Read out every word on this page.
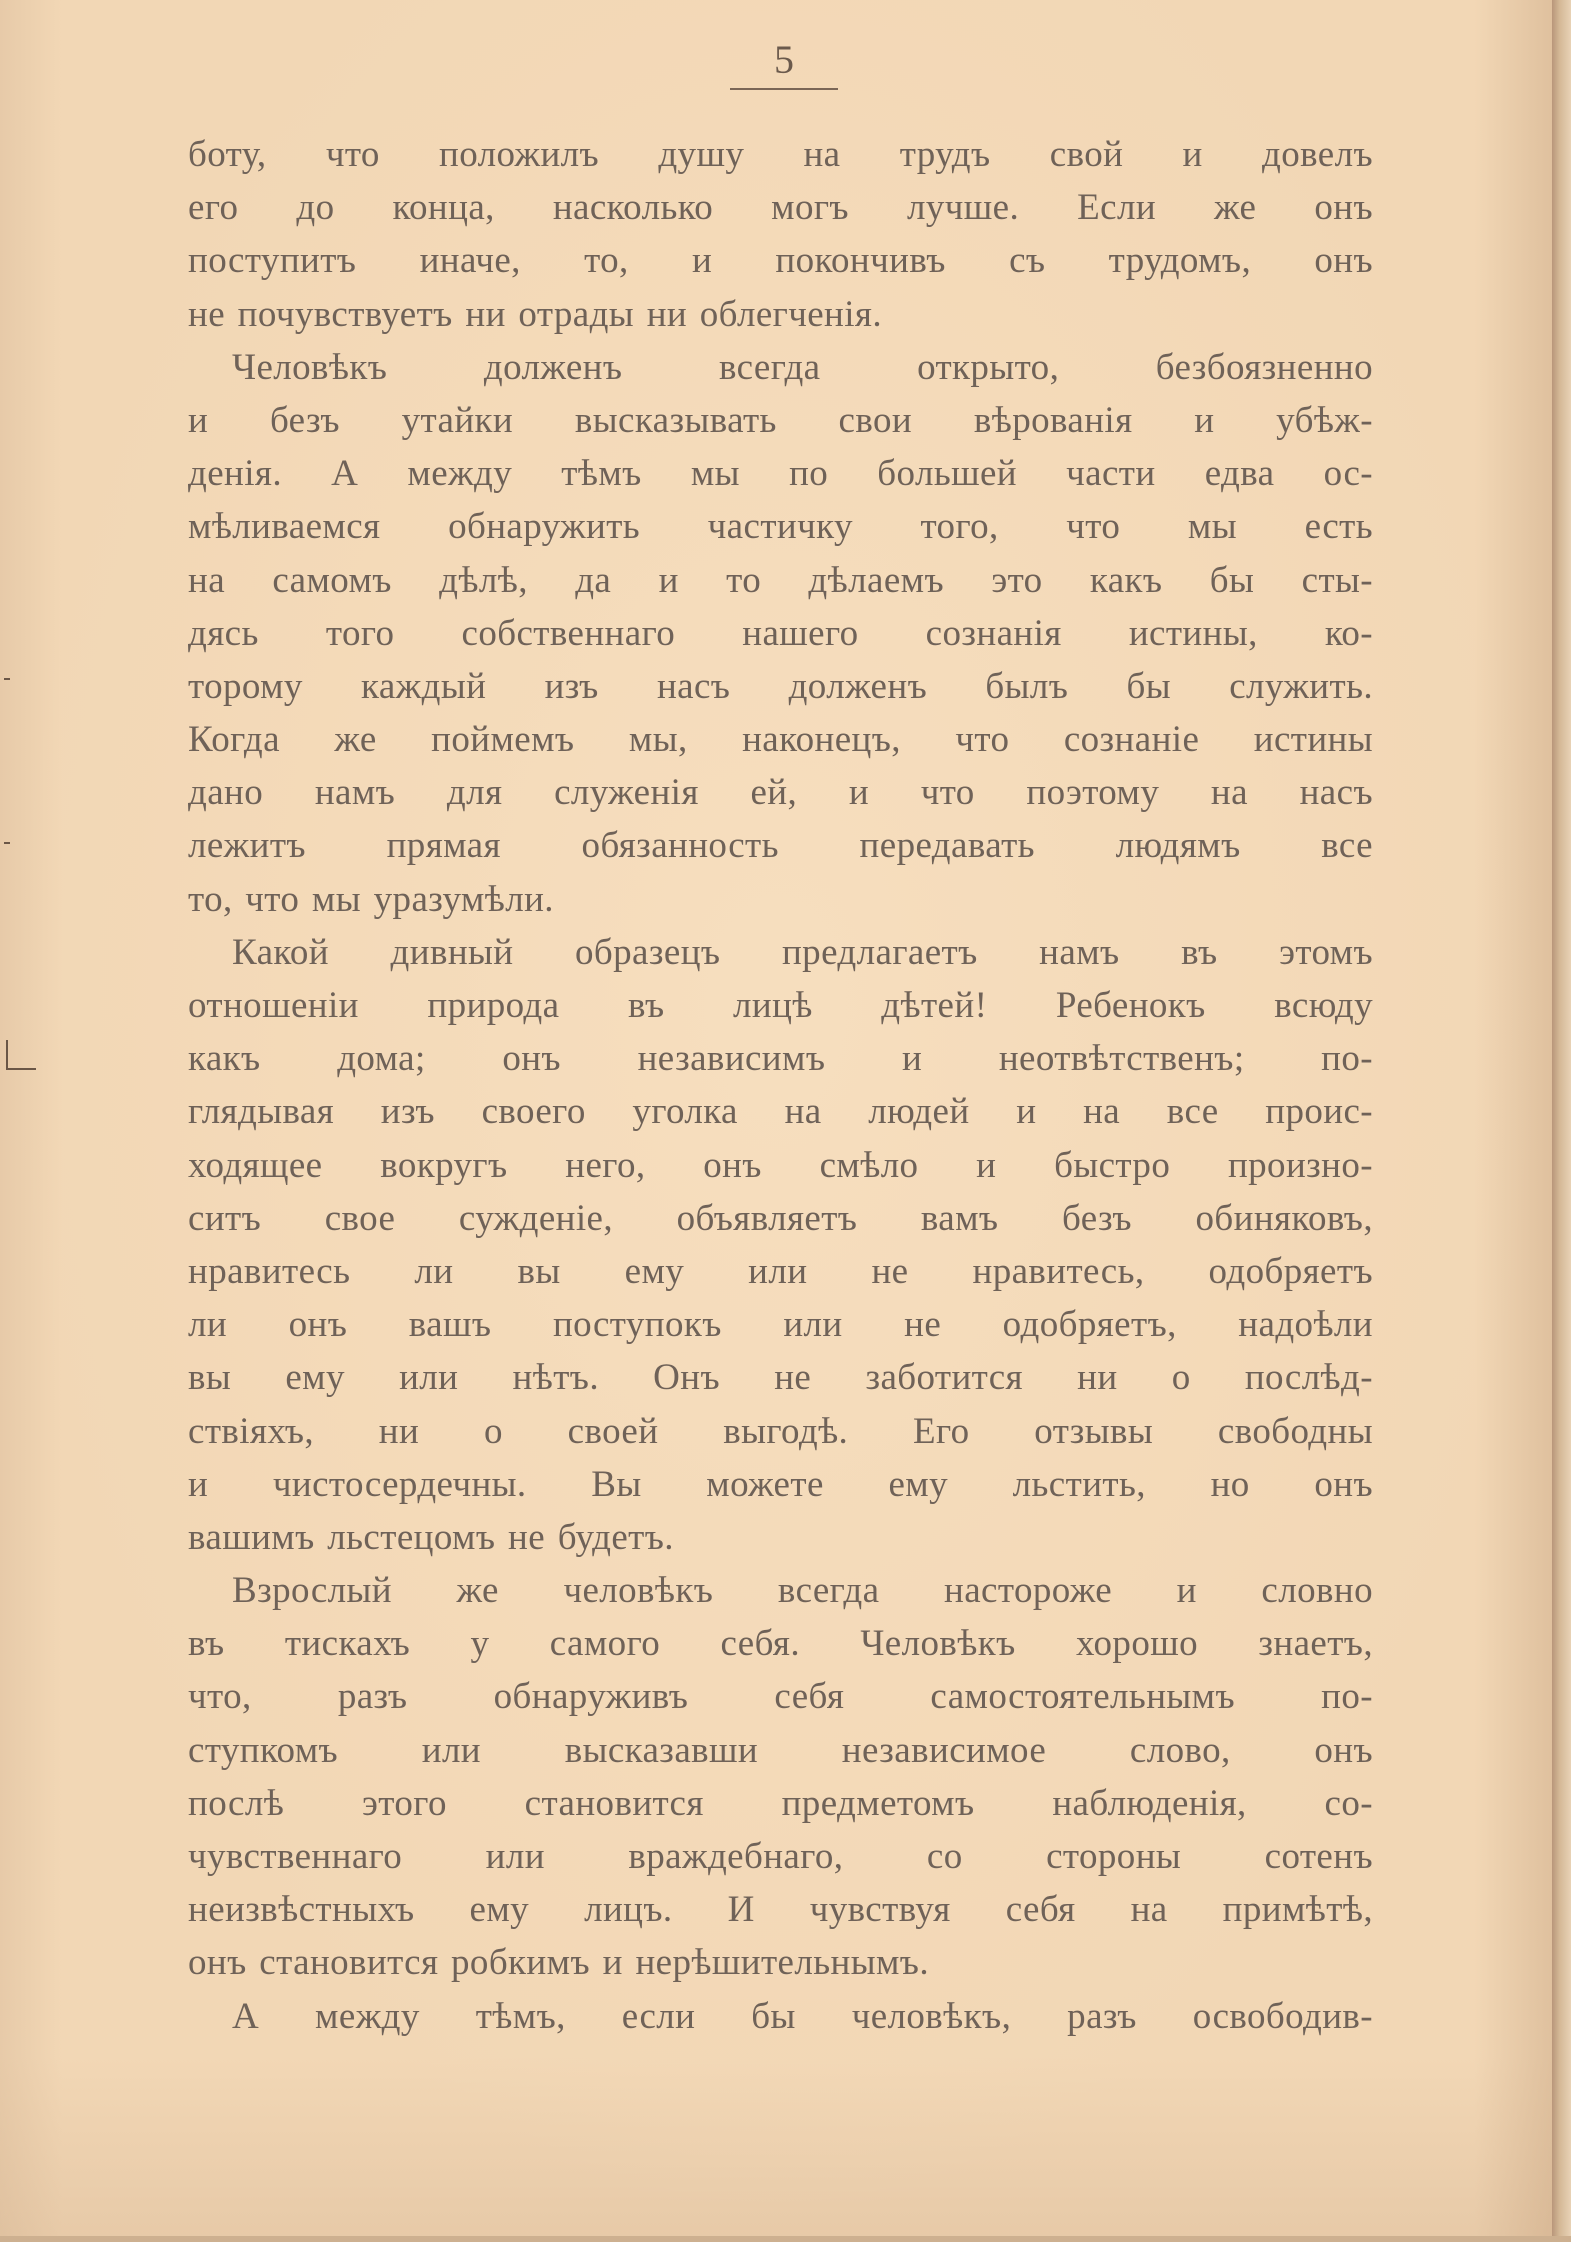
5
боту, что положилъ душу на трудъ свой и довелъ
его до конца, насколько могъ лучше. Если же онъ
поступитъ иначе, то, и покончивъ съ трудомъ, онъ
не почувствуетъ ни отрады ни облегченія.
Человѣкъ долженъ всегда открыто, безбоязненно
и безъ утайки высказывать свои вѣрованія и убѣж-
денія. А между тѣмъ мы по большей части едва ос-
мѣливаемся обнаружить частичку того, что мы есть
на самомъ дѣлѣ, да и то дѣлаемъ это какъ бы сты-
дясь того собственнаго нашего сознанія истины, ко-
торому каждый изъ насъ долженъ былъ бы служить.
Когда же поймемъ мы, наконецъ, что сознаніе истины
дано намъ для служенія ей, и что поэтому на насъ
лежитъ прямая обязанность передавать людямъ все
то, что мы уразумѣли.
Какой дивный образецъ предлагаетъ намъ въ этомъ
отношеніи природа въ лицѣ дѣтей! Ребенокъ всюду
какъ дома; онъ независимъ и неотвѣтственъ; по-
глядывая изъ своего уголка на людей и на все проис-
ходящее вокругъ него, онъ смѣло и быстро произно-
ситъ свое сужденіе, объявляетъ вамъ безъ обиняковъ,
нравитесь ли вы ему или не нравитесь, одобряетъ
ли онъ вашъ поступокъ или не одобряетъ, надоѣли
вы ему или нѣтъ. Онъ не заботится ни о послѣд-
ствіяхъ, ни о своей выгодѣ. Его отзывы свободны
и чистосердечны. Вы можете ему льстить, но онъ
вашимъ льстецомъ не будетъ.
Взрослый же человѣкъ всегда настороже и словно
въ тискахъ у самого себя. Человѣкъ хорошо знаетъ,
что, разъ обнаруживъ себя самостоятельнымъ по-
ступкомъ или высказавши независимое слово, онъ
послѣ этого становится предметомъ наблюденія, со-
чувственнаго или враждебнаго, со стороны сотенъ
неизвѣстныхъ ему лицъ. И чувствуя себя на примѣтѣ,
онъ становится робкимъ и нерѣшительнымъ.
А между тѣмъ, если бы человѣкъ, разъ освободив-
